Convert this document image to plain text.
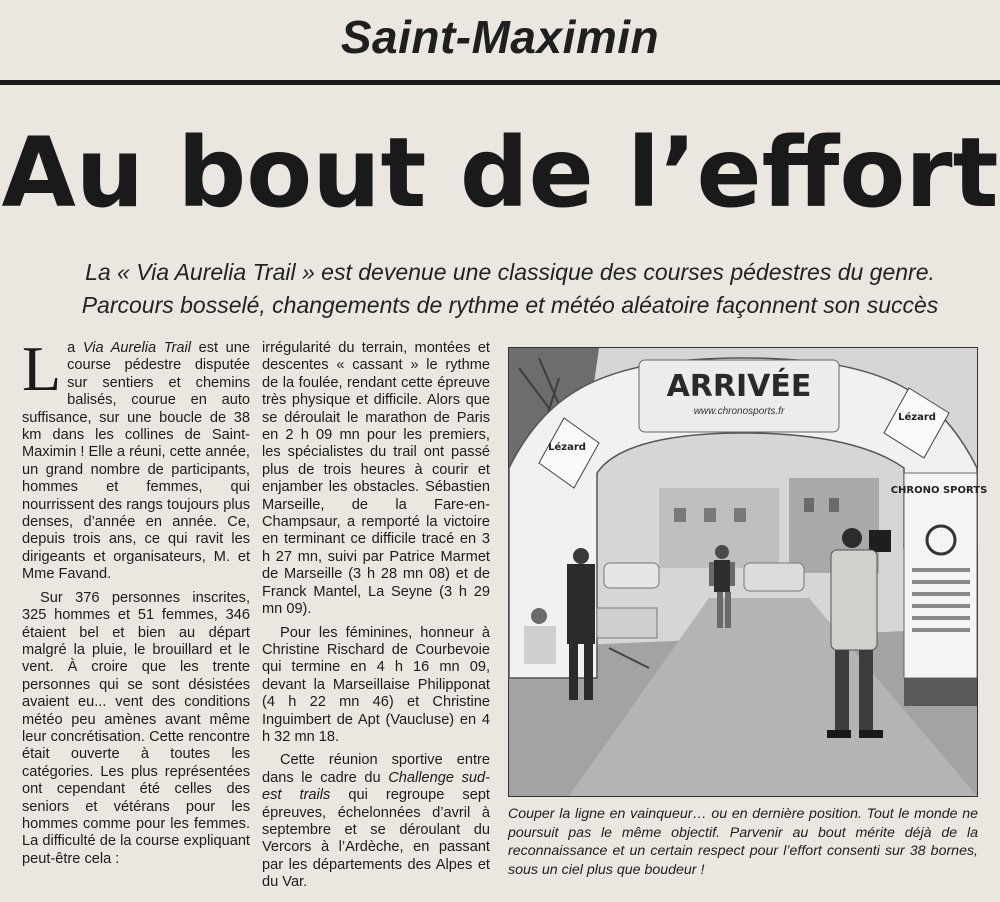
Saint-Maximin
Au bout de l’effort
La « Via Aurelia Trail » est devenue une classique des courses pédestres du genre.
Parcours bosselé, changements de rythme et météo aléatoire façonnent son succès

La Via Aurelia Trail est une course pédestre disputée sur sentiers et chemins balisés, courue en auto suffisance, sur une boucle de 38 km dans les collines de Saint-Maximin ! Elle a réuni, cette année, un grand nombre de participants, hommes et femmes, qui nourrissent des rangs toujours plus denses, d’année en année. Ce, depuis trois ans, ce qui ravit les dirigeants et organisateurs, M. et Mme Favand.

Sur 376 personnes inscrites, 325 hommes et 51 femmes, 346 étaient bel et bien au départ malgré la pluie, le brouillard et le vent. À croire que les trente personnes qui se sont désistées avaient eu... vent des conditions météo peu amènes avant même leur concrétisation. Cette rencontre était ouverte à toutes les catégories. Les plus représentées ont cependant été celles des seniors et vétérans pour les hommes comme pour les femmes. La difficulté de la course expliquant peut-être cela :

irrégularité du terrain, montées et descentes « cassant » le rythme de la foulée, rendant cette épreuve très physique et difficile. Alors que se déroulait le marathon de Paris en 2 h 09 mn pour les premiers, les spécialistes du trail ont passé plus de trois heures à courir et enjamber les obstacles. Sébastien Marseille, de la Fare-en-Champsaur, a remporté la victoire en terminant ce difficile tracé en 3 h 27 mn, suivi par Patrice Marmet de Marseille (3 h 28 mn 08) et de Franck Mantel, La Seyne (3 h 29 mn 09).

Pour les féminines, honneur à Christine Rischard de Courbevoie qui termine en 4 h 16 mn 09, devant la Marseillaise Philipponat (4 h 22 mn 46) et Christine Inguimbert de Apt (Vaucluse) en 4 h 32 mn 18.

Cette réunion sportive entre dans le cadre du Challenge sud-est trails qui regroupe sept épreuves, échelonnées d’avril à septembre et se déroulant du Vercors à l’Ardèche, en passant par les départements des Alpes et du Var.

ARRIVÉE
www.chronosports.fr
Lézard
Lézard
CHRONO SPORTS
Couper la ligne en vainqueur… ou en dernière position. Tout le monde ne poursuit pas le même objectif. Parvenir au bout mérite déjà de la reconnaissance et un certain respect pour l’effort consenti sur 38 bornes, sous un ciel plus que boudeur !
